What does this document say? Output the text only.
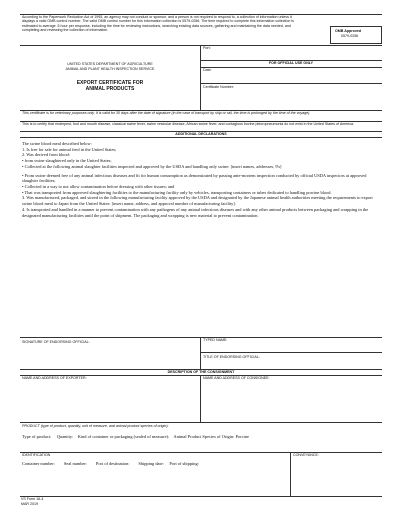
According to the Paperwork Reduction Act of 1995, an agency may not conduct or sponsor, and a person is not required to respond to, a collection of information unless it displays a valid OMB control number. The valid OMB control number for this information collection is 0579-0256. The time required to complete this information collection is estimated to average .5 hour per response, including the time for reviewing instructions, searching existing data sources, gathering and maintaining the data needed, and completing and reviewing the collection of information.	OMB Approved
0579-0256
Port:
FOR OFFICIAL USE ONLY
Date:
Certificate Number:
UNITED STATES DEPARTMENT OF AGRICULTURE
ANIMAL AND PLANT HEALTH INSPECTION SERVICE
EXPORT CERTIFICATE FOR
ANIMAL PRODUCTS
This certificate is for veterinary purposes only. It is valid for 30 days after the date of signature (in the case of transport by ship or rail, the time is prolonged by the time of the voyage).
This is to certify that rinderpest, foot and mouth disease, classical swine fever, swine vesicular disease, African swine fever, and contagious bovine pleuropneumonia do not exist in the United States of America.
ADDITIONAL DECLARATIONS
The swine blood meal described below:
1. Is free for sale for animal feed in the United States;
2. Was derived from blood:
• from swine slaughtered only in the United States;
• Collected at the following animal slaughter facilities inspected and approved by the USDA and handling only swine: [insert names, addresses, 9's]
• From swine deemed free of any animal infectious diseases and fit for human consumption as demonstrated by passing ante-mortem inspection conducted by official USDA inspectors at approved slaughter facilities;
• Collected in a way to not allow contamination before dressing with other tissues; and
• That was transported from approved slaughtering facilities to the manufacturing facility only by vehicles, transporting containers or tubes dedicated to handling porcine blood.
3. Was manufactured, packaged, and stored in the following manufacturing facility approved by the USDA and designated by the Japanese animal health authorities meeting the requirements to export swine blood meal to Japan from the United States: [insert name, address, and approval number of manufacturing facility].
4. Is transported and handled in a manner to prevent contamination with any pathogens of any animal infectious diseases and with any other animal products between packaging and wrapping in the designated manufacturing facilities until the point of shipment. The packaging and wrapping is new material to prevent contamination.
SIGNATURE OF ENDORSING OFFICIAL:	TYPED NAME:
TITLE OF ENDORSING OFFICIAL:
DESCRIPTION OF THE CONSIGNMENT
NAME AND ADDRESS OF EXPORTER:	NAME AND ADDRESS OF CONSIGNEE:
PRODUCT (type of product, quantity, unit of measure, and animal product species of origin):
Type of product: Quantity: Kind of container or packaging (sealed of measure): Animal Product Species of Origin: Porcine
IDENTIFICATION	CONVEYANCE:
Container number: Seal number: Port of destination: Shipping date: Port of shipping:
VS Form 16-4
MAR 2019
